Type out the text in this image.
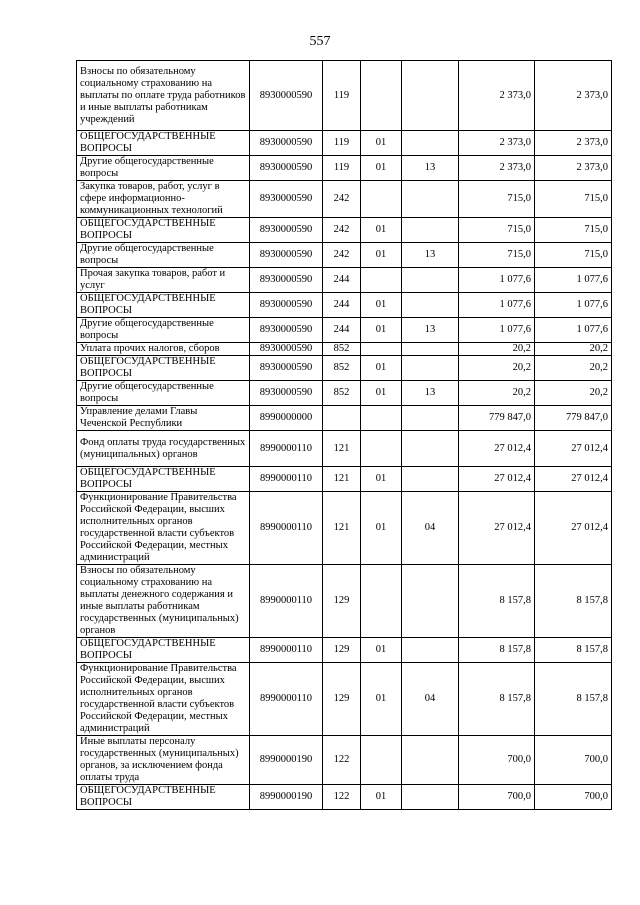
557
Взносы по обязательному социальному страхованию на выплаты по оплате труда работников и иные выплаты работникам учреждений	8930000590	119			2 373,0	2 373,0
ОБЩЕГОСУДАРСТВЕННЫЕ ВОПРОСЫ	8930000590	119	01		2 373,0	2 373,0
Другие общегосударственные вопросы	8930000590	119	01	13	2 373,0	2 373,0
Закупка товаров, работ, услуг в сфере информационно-коммуникационных технологий	8930000590	242			715,0	715,0
ОБЩЕГОСУДАРСТВЕННЫЕ ВОПРОСЫ	8930000590	242	01		715,0	715,0
Другие общегосударственные вопросы	8930000590	242	01	13	715,0	715,0
Прочая закупка товаров, работ и услуг	8930000590	244			1 077,6	1 077,6
ОБЩЕГОСУДАРСТВЕННЫЕ ВОПРОСЫ	8930000590	244	01		1 077,6	1 077,6
Другие общегосударственные вопросы	8930000590	244	01	13	1 077,6	1 077,6
Уплата прочих налогов, сборов	8930000590	852			20,2	20,2
ОБЩЕГОСУДАРСТВЕННЫЕ ВОПРОСЫ	8930000590	852	01		20,2	20,2
Другие общегосударственные вопросы	8930000590	852	01	13	20,2	20,2
Управление делами Главы Чеченской Республики	8990000000				779 847,0	779 847,0
Фонд оплаты труда государственных (муниципальных) органов	8990000110	121			27 012,4	27 012,4
ОБЩЕГОСУДАРСТВЕННЫЕ ВОПРОСЫ	8990000110	121	01		27 012,4	27 012,4
Функционирование Правительства Российской Федерации, высших исполнительных органов государственной власти субъектов Российской Федерации, местных администраций	8990000110	121	01	04	27 012,4	27 012,4
Взносы по обязательному социальному страхованию на выплаты денежного содержания и иные выплаты работникам государственных (муниципальных) органов	8990000110	129			8 157,8	8 157,8
ОБЩЕГОСУДАРСТВЕННЫЕ ВОПРОСЫ	8990000110	129	01		8 157,8	8 157,8
Функционирование Правительства Российской Федерации, высших исполнительных органов государственной власти субъектов Российской Федерации, местных администраций	8990000110	129	01	04	8 157,8	8 157,8
Иные выплаты персоналу государственных (муниципальных) органов, за исключением фонда оплаты труда	8990000190	122			700,0	700,0
ОБЩЕГОСУДАРСТВЕННЫЕ ВОПРОСЫ	8990000190	122	01		700,0	700,0
